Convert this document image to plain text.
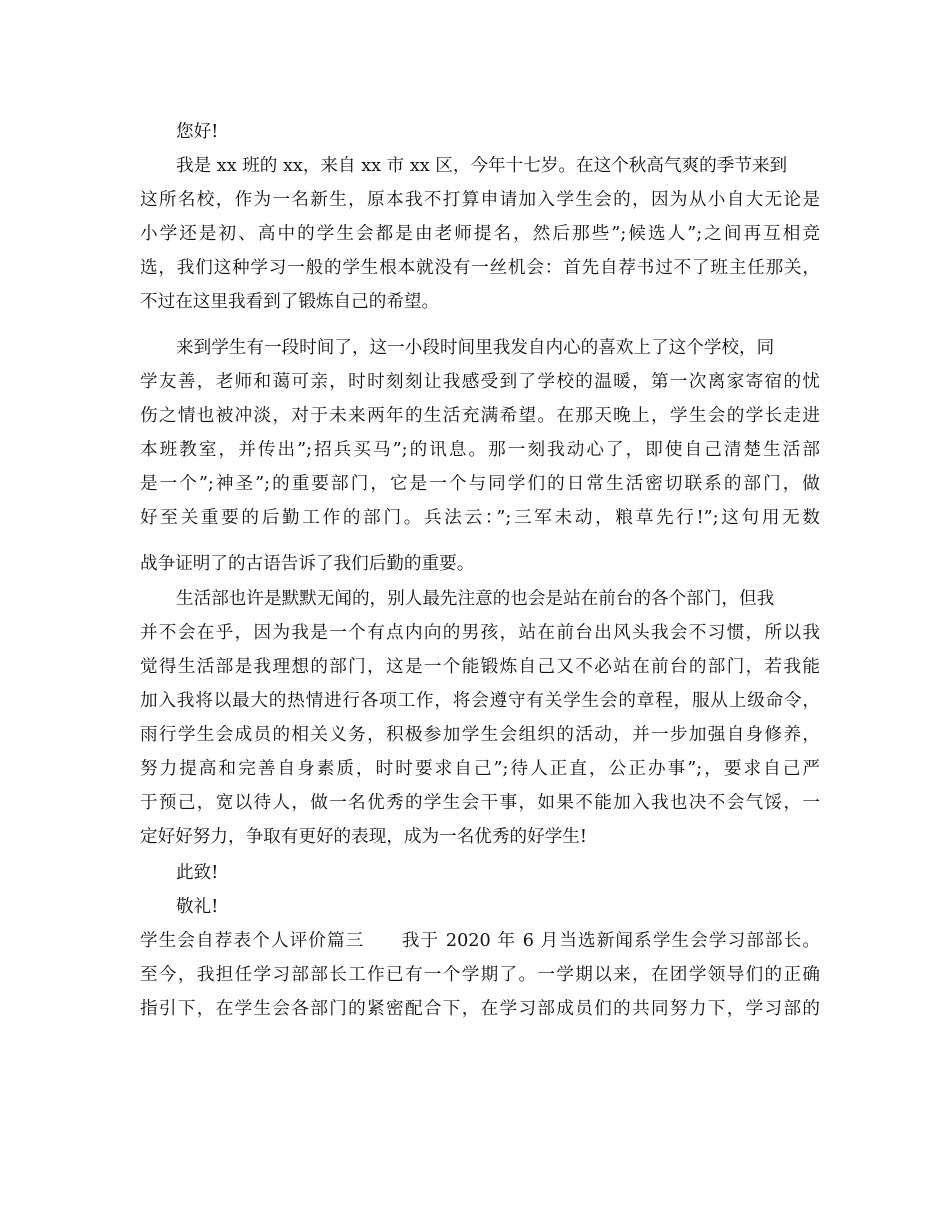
您好!
我是 xx 班的 xx，来自 xx 市 xx 区，今年十七岁。在这个秋高气爽的季节来到
这所名校，作为一名新生，原本我不打算申请加入学生会的，因为从小自大无论是
小学还是初、高中的学生会都是由老师提名，然后那些”;候选人”;之间再互相竞
选，我们这种学习一般的学生根本就没有一丝机会：首先自荐书过不了班主任那关，
不过在这里我看到了锻炼自己的希望。
来到学生有一段时间了，这一小段时间里我发自内心的喜欢上了这个学校，同
学友善，老师和蔼可亲，时时刻刻让我感受到了学校的温暖，第一次离家寄宿的忧
伤之情也被冲淡，对于未来两年的生活充满希望。在那天晚上，学生会的学长走进
本班教室，并传出”;招兵买马”;的讯息。那一刻我动心了，即使自己清楚生活部
是一个”;神圣”;的重要部门，它是一个与同学们的日常生活密切联系的部门，做
好至关重要的后勤工作的部门。兵法云：”;三军未动，粮草先行!”;这句用无数
战争证明了的古语告诉了我们后勤的重要。
生活部也许是默默无闻的，别人最先注意的也会是站在前台的各个部门，但我
并不会在乎，因为我是一个有点内向的男孩，站在前台出风头我会不习惯，所以我
觉得生活部是我理想的部门，这是一个能锻炼自己又不必站在前台的部门，若我能
加入我将以最大的热情进行各项工作，将会遵守有关学生会的章程，服从上级命令，
雨行学生会成员的相关义务，积极参加学生会组织的活动，并一步加强自身修养，
努力提高和完善自身素质，时时要求自己”;待人正直，公正办事”;，要求自己严
于预己，宽以待人，做一名优秀的学生会干事，如果不能加入我也决不会气馁，一
定好好努力，争取有更好的表现，成为一名优秀的好学生!
此致!
敬礼!
学生会自荐表个人评价篇三　　我于 2020 年 6 月当选新闻系学生会学习部部长。
至今，我担任学习部部长工作已有一个学期了。一学期以来，在团学领导们的正确
指引下，在学生会各部门的紧密配合下，在学习部成员们的共同努力下，学习部的
